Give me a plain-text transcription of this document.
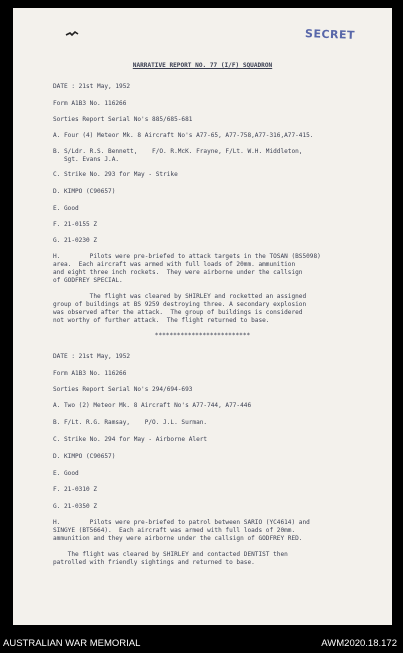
SECRET
NARRATIVE REPORT NO. 77 (I/F) SQUADRON
DATE : 21st May, 1952
Form A1B3 No. 116266
Sorties Report Serial No's 885/685-681
A. Four (4) Meteor Mk. 8 Aircraft No's A77-65, A77-758,A77-316,A77-415.
B. S/Ldr. R.S. Bennett,    F/O. R.McK. Frayne, F/Lt. W.H. Middleton,
Sgt. Evans J.A.
C. Strike No. 293 for May - Strike
D. KIMPO (C90657)
E. Good
F. 21-0155 Z
G. 21-0230 Z
H.        Pilots were pre-briefed to attack targets in the TOSAN (BS5098)
area.  Each aircraft was armed with full loads of 20mm. ammunition
and eight three inch rockets.  They were airborne under the callsign
of GODFREY SPECIAL.
The flight was cleared by SHIRLEY and rocketted an assigned
group of buildings at BS 9259 destroying three. A secondary explosion
was observed after the attack.  The group of buildings is considered
not worthy of further attack.  The flight returned to base.
**************************
DATE : 21st May, 1952
Form A1B3 No. 116266
Sorties Report Serial No's 294/694-693
A. Two (2) Meteor Mk. 8 Aircraft No's A77-744, A77-446
B. F/Lt. R.G. Ramsay,    P/O. J.L. Surman.
C. Strike No. 294 for May - Airborne Alert
D. KIMPO (C90657)
E. Good
F. 21-0310 Z
G. 21-0350 Z
H.        Pilots were pre-briefed to patrol between SARIO (YC4614) and
SINGYE (BT5664).  Each aircraft was armed with full loads of 20mm.
ammunition and they were airborne under the callsign of GODFREY RED.
The flight was cleared by SHIRLEY and contacted DENTIST then
patrolled with friendly sightings and returned to base.
AUSTRALIAN WAR MEMORIAL	AWM2020.18.172
